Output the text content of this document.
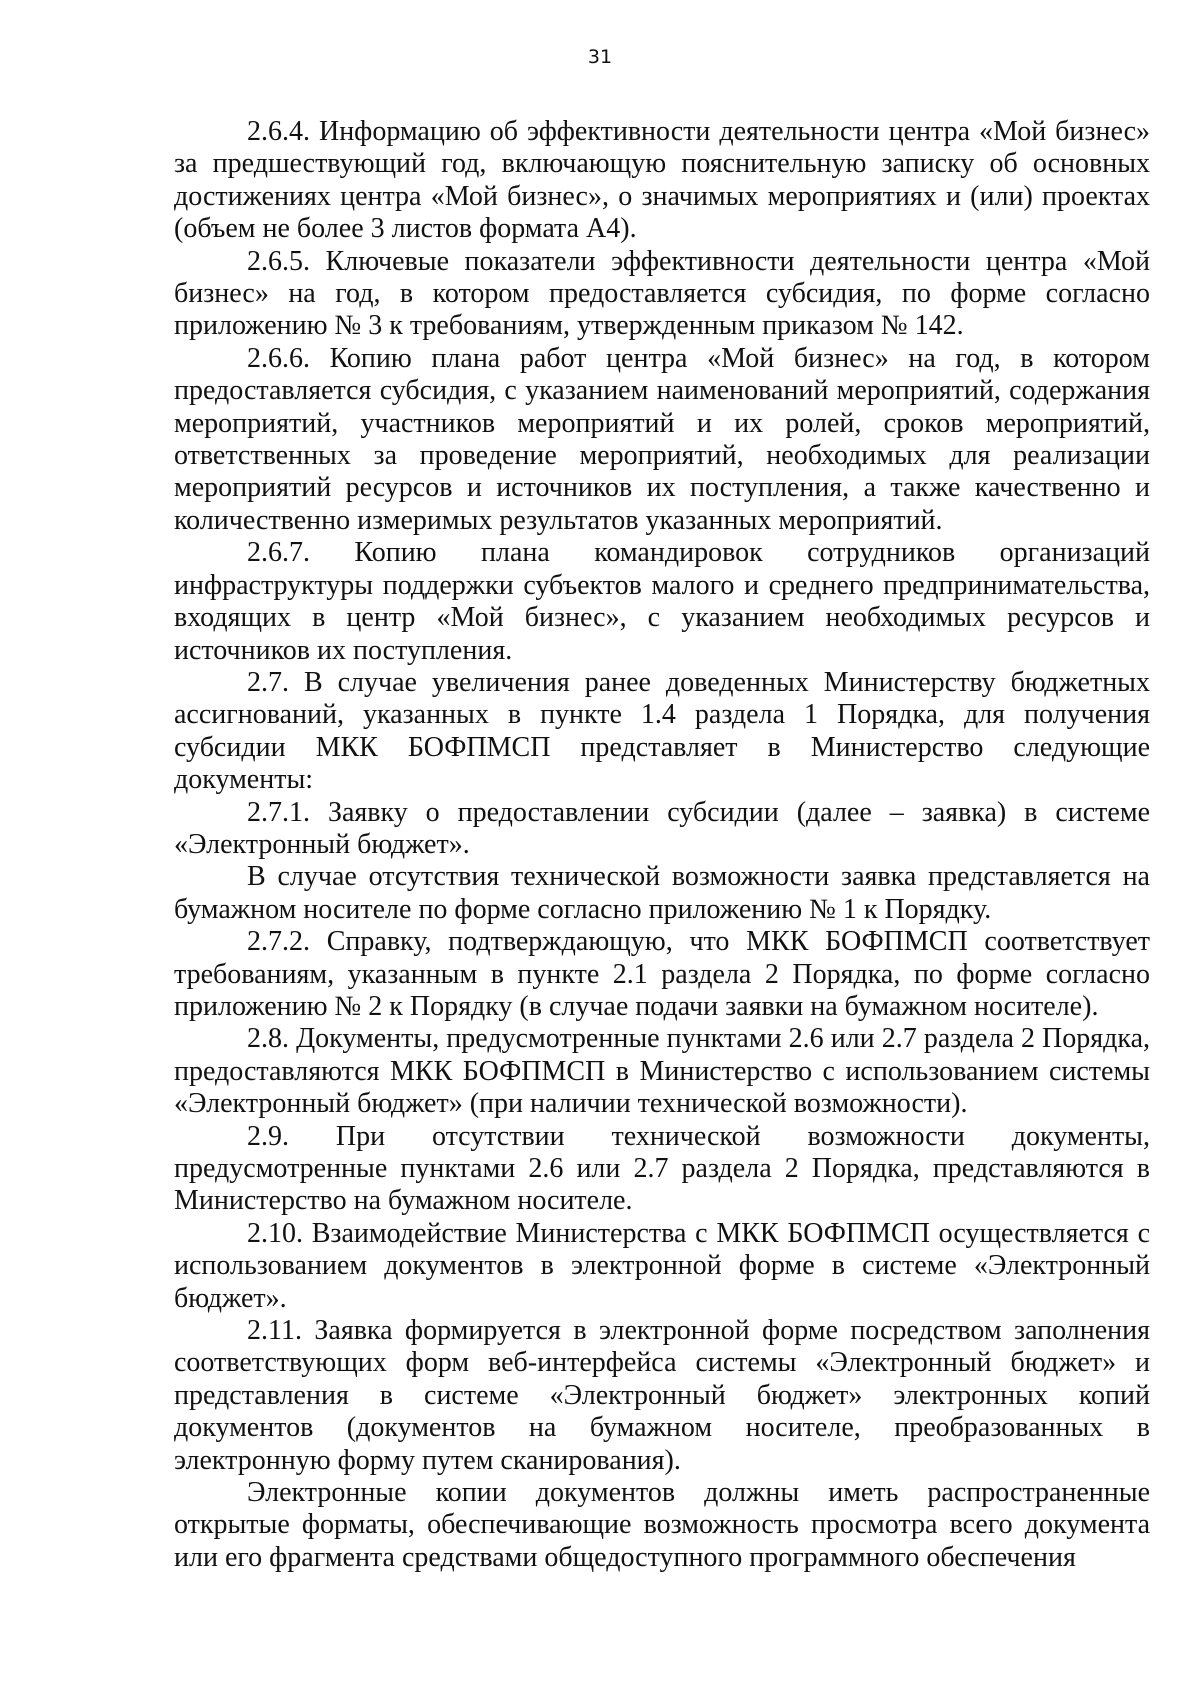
31

2.6.4. Информацию об эффективности деятельности центра «Мой бизнес» за предшествующий год, включающую пояснительную записку об основных достижениях центра «Мой бизнес», о значимых мероприятиях и (или) проектах (объем не более 3 листов формата А4).

2.6.5. Ключевые показатели эффективности деятельности центра «Мой бизнес» на год, в котором предоставляется субсидия, по форме согласно приложению № 3 к требованиям, утвержденным приказом № 142.

2.6.6. Копию плана работ центра «Мой бизнес» на год, в котором предоставляется субсидия, с указанием наименований мероприятий, содержания мероприятий, участников мероприятий и их ролей, сроков мероприятий, ответственных за проведение мероприятий, необходимых для реализации мероприятий ресурсов и источников их поступления, а также качественно и количественно измеримых результатов указанных мероприятий.

2.6.7. Копию плана командировок сотрудников организаций инфраструктуры поддержки субъектов малого и среднего предпринимательства, входящих в центр «Мой бизнес», с указанием необходимых ресурсов и источников их поступления.

2.7. В случае увеличения ранее доведенных Министерству бюджетных ассигнований, указанных в пункте 1.4 раздела 1 Порядка, для получения субсидии МКК БОФПМСП представляет в Министерство следующие документы:

2.7.1. Заявку о предоставлении субсидии (далее – заявка) в системе «Электронный бюджет».

В случае отсутствия технической возможности заявка представляется на бумажном носителе по форме согласно приложению № 1 к Порядку.

2.7.2. Справку, подтверждающую, что МКК БОФПМСП соответствует требованиям, указанным в пункте 2.1 раздела 2 Порядка, по форме согласно приложению № 2 к Порядку (в случае подачи заявки на бумажном носителе).

2.8. Документы, предусмотренные пунктами 2.6 или 2.7 раздела 2 Порядка, предоставляются МКК БОФПМСП в Министерство с использованием системы «Электронный бюджет» (при наличии технической возможности).

2.9. При отсутствии технической возможности документы, предусмотренные пунктами 2.6 или 2.7 раздела 2 Порядка, представляются в Министерство на бумажном носителе.

2.10. Взаимодействие Министерства с МКК БОФПМСП осуществляется с использованием документов в электронной форме в системе «Электронный бюджет».

2.11. Заявка формируется в электронной форме посредством заполнения соответствующих форм веб-интерфейса системы «Электронный бюджет» и представления в системе «Электронный бюджет» электронных копий документов (документов на бумажном носителе, преобразованных в электронную форму путем сканирования).

Электронные копии документов должны иметь распространенные открытые форматы, обеспечивающие возможность просмотра всего документа или его фрагмента средствами общедоступного программного обеспечения
